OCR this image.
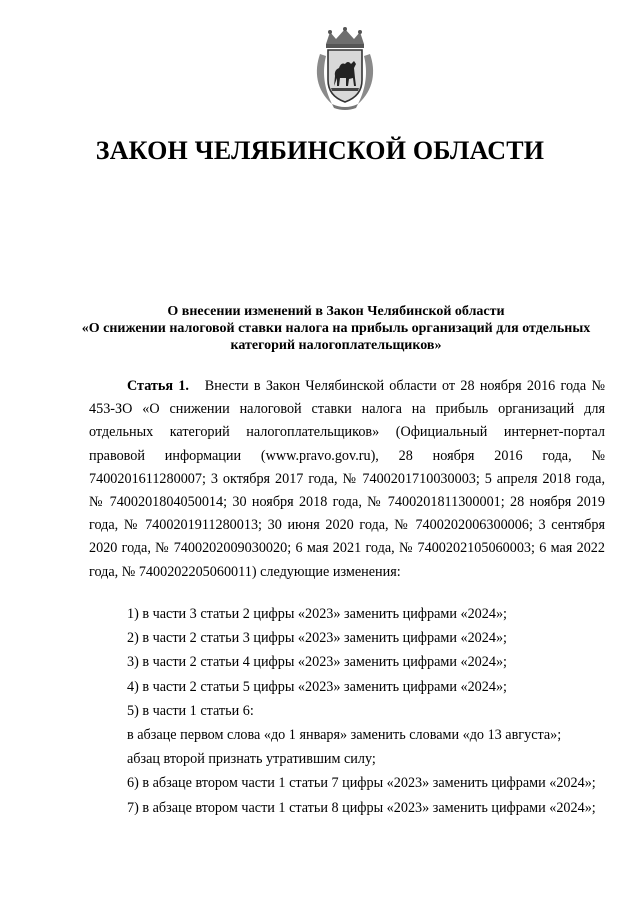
ЗАКОН ЧЕЛЯБИНСКОЙ ОБЛАСТИ
О внесении изменений в Закон Челябинской области
«О снижении налоговой ставки налога на прибыль организаций для отдельных
категорий налогоплательщиков»

Статья 1. Внести в Закон Челябинской области от 28 ноября 2016 года № 453-ЗО «О снижении налоговой ставки налога на прибыль организаций для отдельных категорий налогоплательщиков» (Официальный интернет-портал правовой информации (www.pravo.gov.ru), 28 ноября 2016 года, № 7400201611280007; 3 октября 2017 года, № 7400201710030003; 5 апреля 2018 года, № 7400201804050014; 30 ноября 2018 года, № 7400201811300001; 28 ноября 2019 года, № 7400201911280013; 30 июня 2020 года, № 7400202006300006; 3 сентября 2020 года, № 7400202009030020; 6 мая 2021 года, № 7400202105060003; 6 мая 2022 года, № 7400202205060011) следующие изменения:

1) в части 3 статьи 2 цифры «2023» заменить цифрами «2024»;
2) в части 2 статьи 3 цифры «2023» заменить цифрами «2024»;
3) в части 2 статьи 4 цифры «2023» заменить цифрами «2024»;
4) в части 2 статьи 5 цифры «2023» заменить цифрами «2024»;
5) в части 1 статьи 6:
в абзаце первом слова «до 1 января» заменить словами «до 13 августа»;
абзац второй признать утратившим силу;
6) в абзаце втором части 1 статьи 7 цифры «2023» заменить цифрами «2024»;
7) в абзаце втором части 1 статьи 8 цифры «2023» заменить цифрами «2024»;
